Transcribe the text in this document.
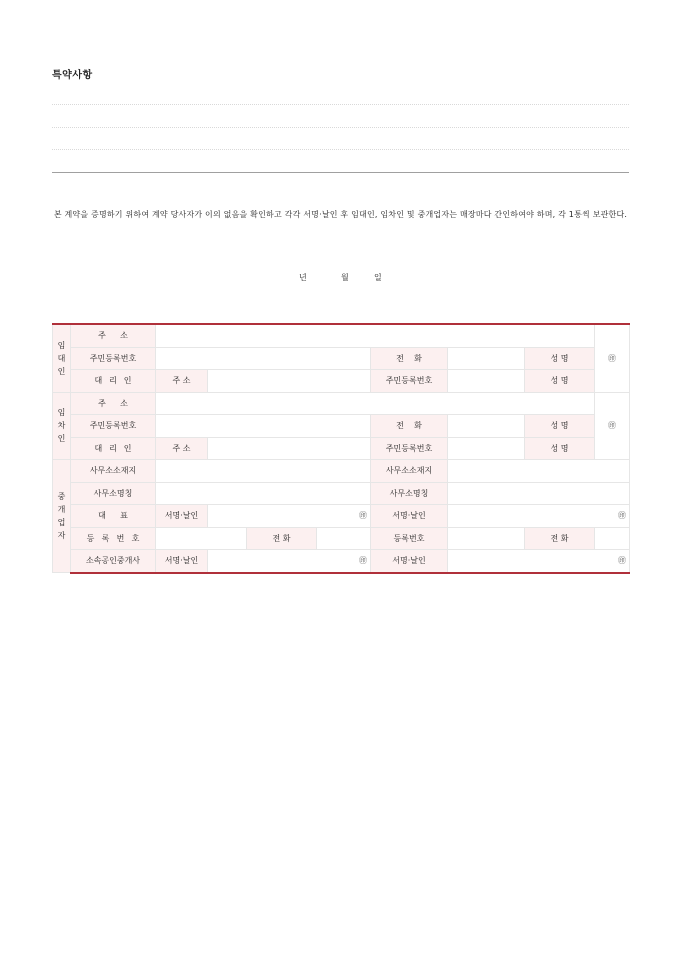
특약사항
본 계약을 증명하기 위하여 계약 당사자가 이의 없음을 확인하고 각각 서명·날인 후 임대인, 임차인 및 중개업자는 매장마다 간인하여야 하며, 각 1통씩 보관한다.
년	월	일
임대인	주 소								㊞	
	주민등록번호					전 화		성 명		

	대 리 인	주 소				주민등록번호		성 명		
임차인	주 소								㊞	
	주민등록번호					전 화		성 명		

	대 리 인	주 소				주민등록번호		성 명		
중개업자	사무소소재지					사무소소재지				
	사무소명칭					사무소명칭				

	대 표	서명·날인	㊞			서명·날인	㊞			

	등 록 번 호			전 화		등록번호		전 화		
	소속공인중개사	서명·날인	㊞			서명·날인	㊞			
